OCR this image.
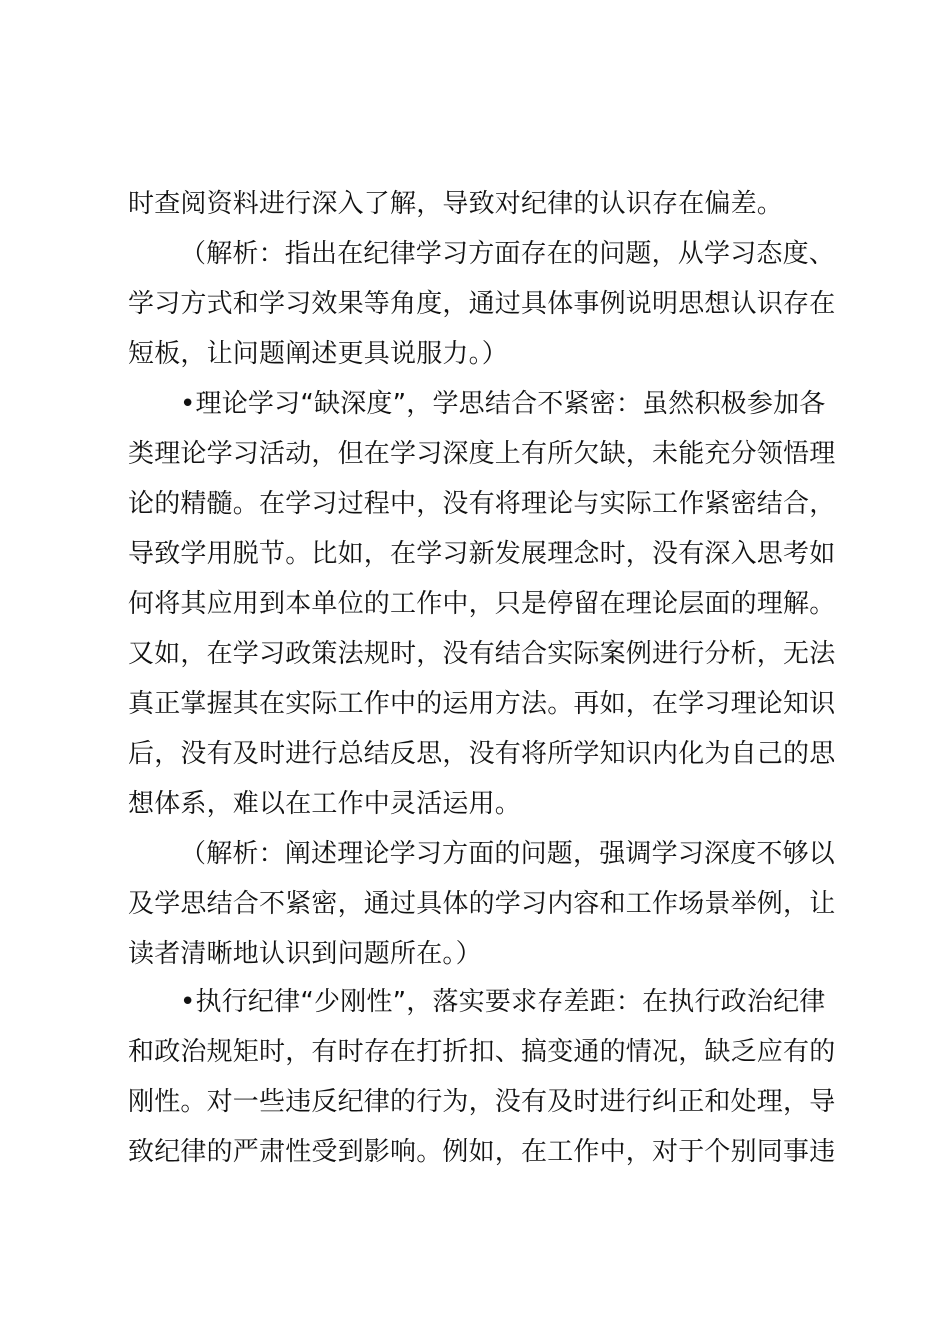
时查阅资料进行深入了解，导致对纪律的认识存在偏差。
（解析：指出在纪律学习方面存在的问题，从学习态度、
学习方式和学习效果等角度，通过具体事例说明思想认识存在
短板，让问题阐述更具说服力。）
•理论学习“缺深度”，学思结合不紧密：虽然积极参加各
类理论学习活动，但在学习深度上有所欠缺，未能充分领悟理
论的精髓。在学习过程中，没有将理论与实际工作紧密结合，
导致学用脱节。比如，在学习新发展理念时，没有深入思考如
何将其应用到本单位的工作中，只是停留在理论层面的理解。
又如，在学习政策法规时，没有结合实际案例进行分析，无法
真正掌握其在实际工作中的运用方法。再如，在学习理论知识
后，没有及时进行总结反思，没有将所学知识内化为自己的思
想体系，难以在工作中灵活运用。
（解析：阐述理论学习方面的问题，强调学习深度不够以
及学思结合不紧密，通过具体的学习内容和工作场景举例，让
读者清晰地认识到问题所在。）
•执行纪律“少刚性”，落实要求存差距：在执行政治纪律
和政治规矩时，有时存在打折扣、搞变通的情况，缺乏应有的
刚性。对一些违反纪律的行为，没有及时进行纠正和处理，导
致纪律的严肃性受到影响。例如，在工作中，对于个别同事违
